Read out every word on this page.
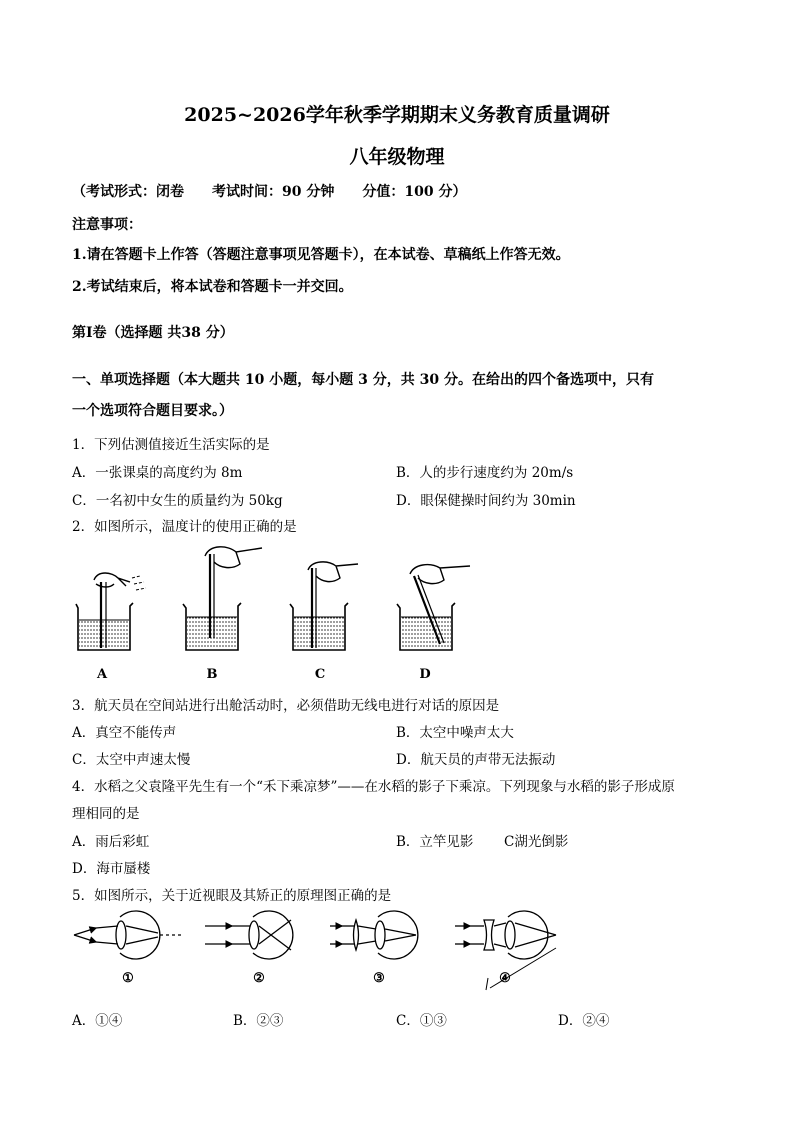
2025~2026学年秋季学期期末义务教育质量调研
八年级物理
（考试形式：闭卷　　考试时间：90 分钟　　分值：100 分）
注意事项：
1.请在答题卡上作答（答题注意事项见答题卡），在本试卷、草稿纸上作答无效。
2.考试结束后，将本试卷和答题卡一并交回。
第Ⅰ卷（选择题 共38 分）
一、单项选择题（本大题共 10 小题，每小题 3 分，共 30 分。在给出的四个备选项中，只有
一个选项符合题目要求。）
1．下列估测值接近生活实际的是
A．一张课桌的高度约为 8m	B．人的步行速度约为 20m/s
C．一名初中女生的质量约为 50kg	D．眼保健操时间约为 30min
2．如图所示，温度计的使用正确的是
A	B	C	D
3．航天员在空间站进行出舱活动时，必须借助无线电进行对话的原因是
A．真空不能传声	B．太空中噪声太大
C．太空中声速太慢	D．航天员的声带无法振动
4．水稻之父袁隆平先生有一个“禾下乘凉梦”——在水稻的影子下乘凉。下列现象与水稻的影子形成原
理相同的是
A．雨后彩虹	B．立竿见影 C湖光倒影
D．海市蜃楼
5．如图所示，关于近视眼及其矫正的原理图正确的是
①	②	③	④
A．①④	B．②③	C．①③	D．②④
